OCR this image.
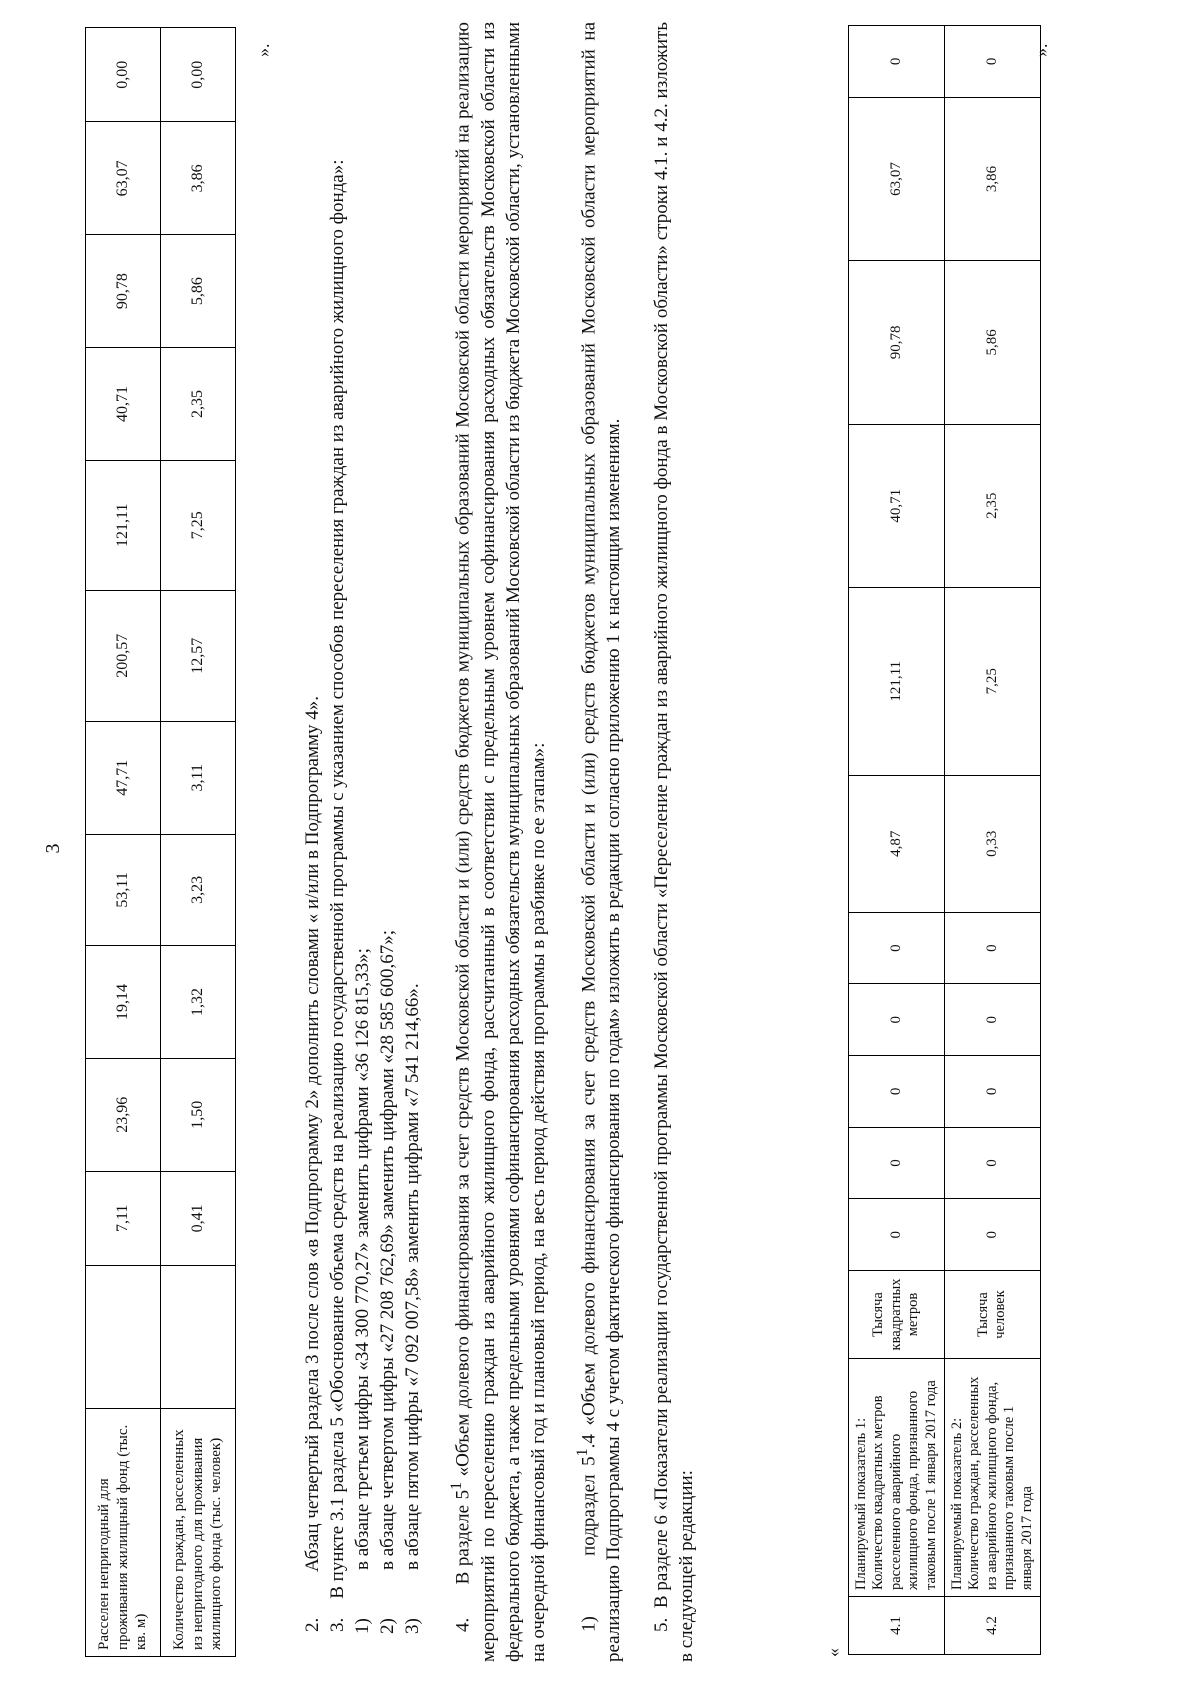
3
Расселен непригодный для проживания жилищный фонд (тыс. кв. м)		7,11	23,96	19,14	53,11	47,71	200,57	121,11	40,71	90,78	63,07	0,00
Количество граждан, расселенных из непригодного для проживания жилищного фонда (тыс. человек)		0,41	1,50	1,32	3,23	3,11	12,57	7,25	2,35	5,86	3,86	0,00
».
2.
Абзац четвертый раздела 3 после слов «в Подпрограмму 2» дополнить словами « и/или в Подпрограмму 4».

3.    В пункте 3.1 раздела 5 «Обоснование объема средств на реализацию государственной программы с указанием способов переселения граждан из аварийного жилищного фонда»:

1)
в абзаце третьем цифры «34 300 770,27» заменить цифрами «36 126 815,33»;
2)
в абзаце четвертом цифры «27 208 762,69» заменить цифрами «28 585 600,67»;
3)
в абзаце пятом цифры «7 092 007,58» заменить цифрами «7 541 214,66».

4.      В разделе $5^1$ «Объем долевого финансирования за счет средств Московской области и (или) средств бюджетов муниципальных образований Московской области мероприятий на реализацию мероприятий по переселению граждан из аварийного жилищного фонда, рассчитанный в соответствии с предельным уровнем софинансирования расходных обязательств Московской области из федерального бюджета, а также предельными уровнями софинансирования расходных обязательств муниципальных образований Московской области из бюджета Московской области, установленными на очередной финансовый год и плановый период, на весь период действия программы в разбивке по ее этапам»: 1)       подраздел $5^1.4$ «Объем долевого финансирования за счет средств Московской области и (или) средств бюджетов муниципальных образований Московской области мероприятий на реализацию Подпрограммы 4 с учетом фактического финансирования по годам» изложить в редакции согласно приложению 1 к настоящим изменениям. 5.  В разделе 6 «Показатели реализации государственной программы Московской области «Переселение граждан из аварийного жилищного фонда в Московской области» строки 4.1. и 4.2. изложить в следующей редакции:	«
4.1	Планируемый показатель 1: Количество квадратных метров расселенного аварийного жилищного фонда, признанного таковым после 1 января 2017 года	Тысяча квадратных метров	0	0	0	0	0	4,87	121,11	40,71	90,78	63,07	0
4.2	Планируемый показатель 2: Количество граждан, расселенных из аварийного жилищного фонда, признанного таковым после 1 января 2017 года	Тысяча человек	0	0	0	0	0	0,33	7,25	2,35	5,86	3,86	0
».
